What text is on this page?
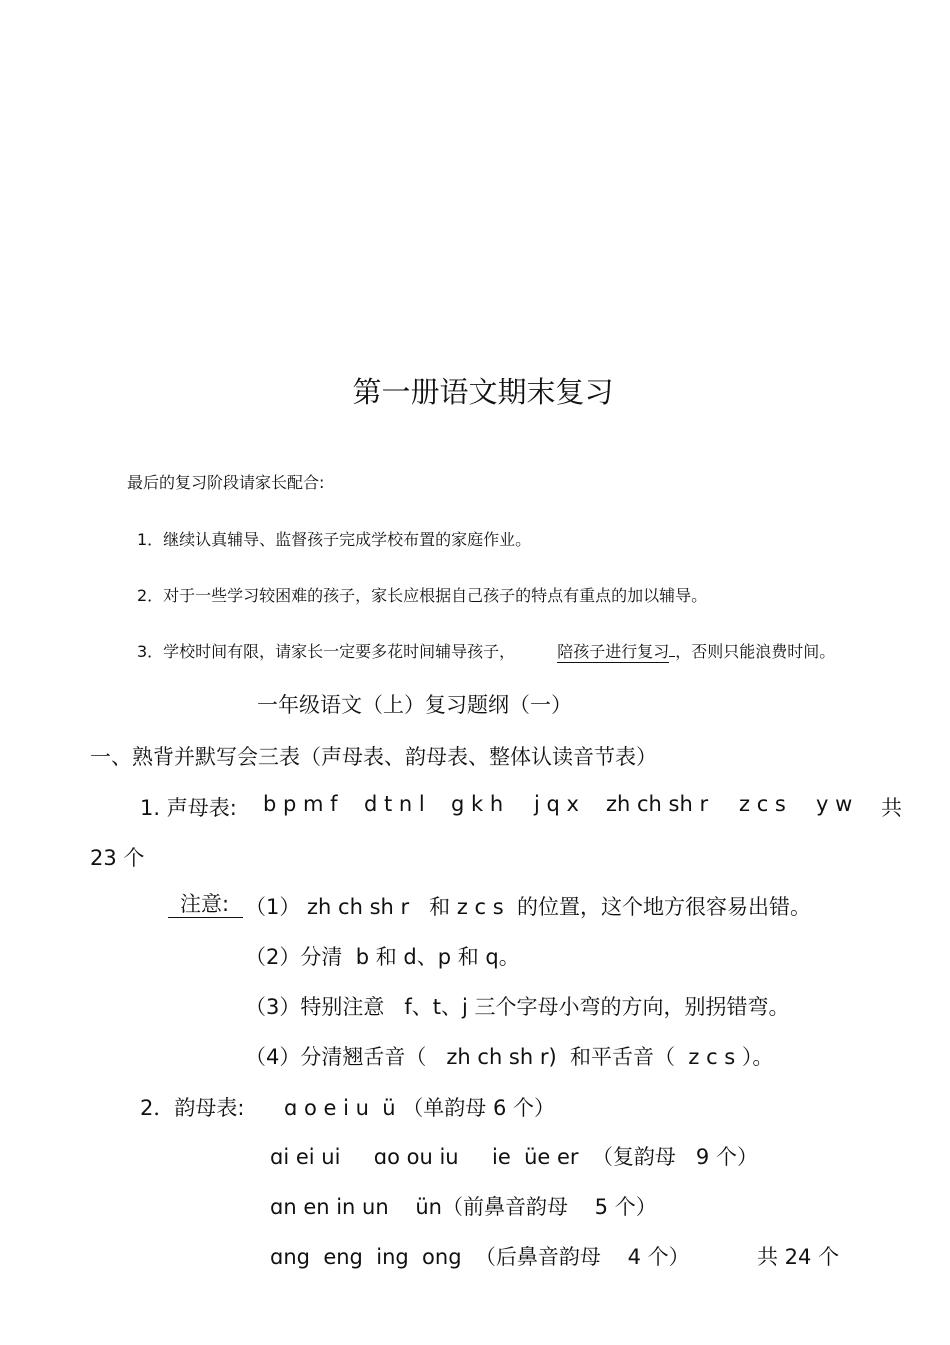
第一册语文期末复习
最后的复习阶段请家长配合:
1．继续认真辅导、监督孩子完成学校布置的家庭作业。
2．对于一些学习较困难的孩子，家长应根据自己孩子的特点有重点的加以辅导。
3．学校时间有限，请家长一定要多花时间辅导孩子，	陪孩子进行复习 ，否则只能浪费时间。
一年级语文（上）复习题纲（一）
一、熟背并默写会三表（声母表、韵母表、整体认读音节表）
1. 声母表: b p m f d t n l g k h j q x zh ch sh r z c s y w 共
23 个
注意: （1） zh ch sh r   和 z c s  的位置，这个地方很容易出错。
（2）分清  b 和 d、p 和 q。
（3）特别注意   f、t、j 三个字母小弯的方向，别拐错弯。
（4）分清翘舌音（   zh ch sh r)  和平舌音（  z c s ）。
2．韵母表: ɑ o e i u  ü （单韵母 6 个）
ɑi ei ui     ɑo ou iu     ie  üe er  （复韵母   9 个）
ɑn en in un    ün（前鼻音韵母    5 个）
ɑng  eng  ing  ong  （后鼻音韵母    4 个）	共 24 个
